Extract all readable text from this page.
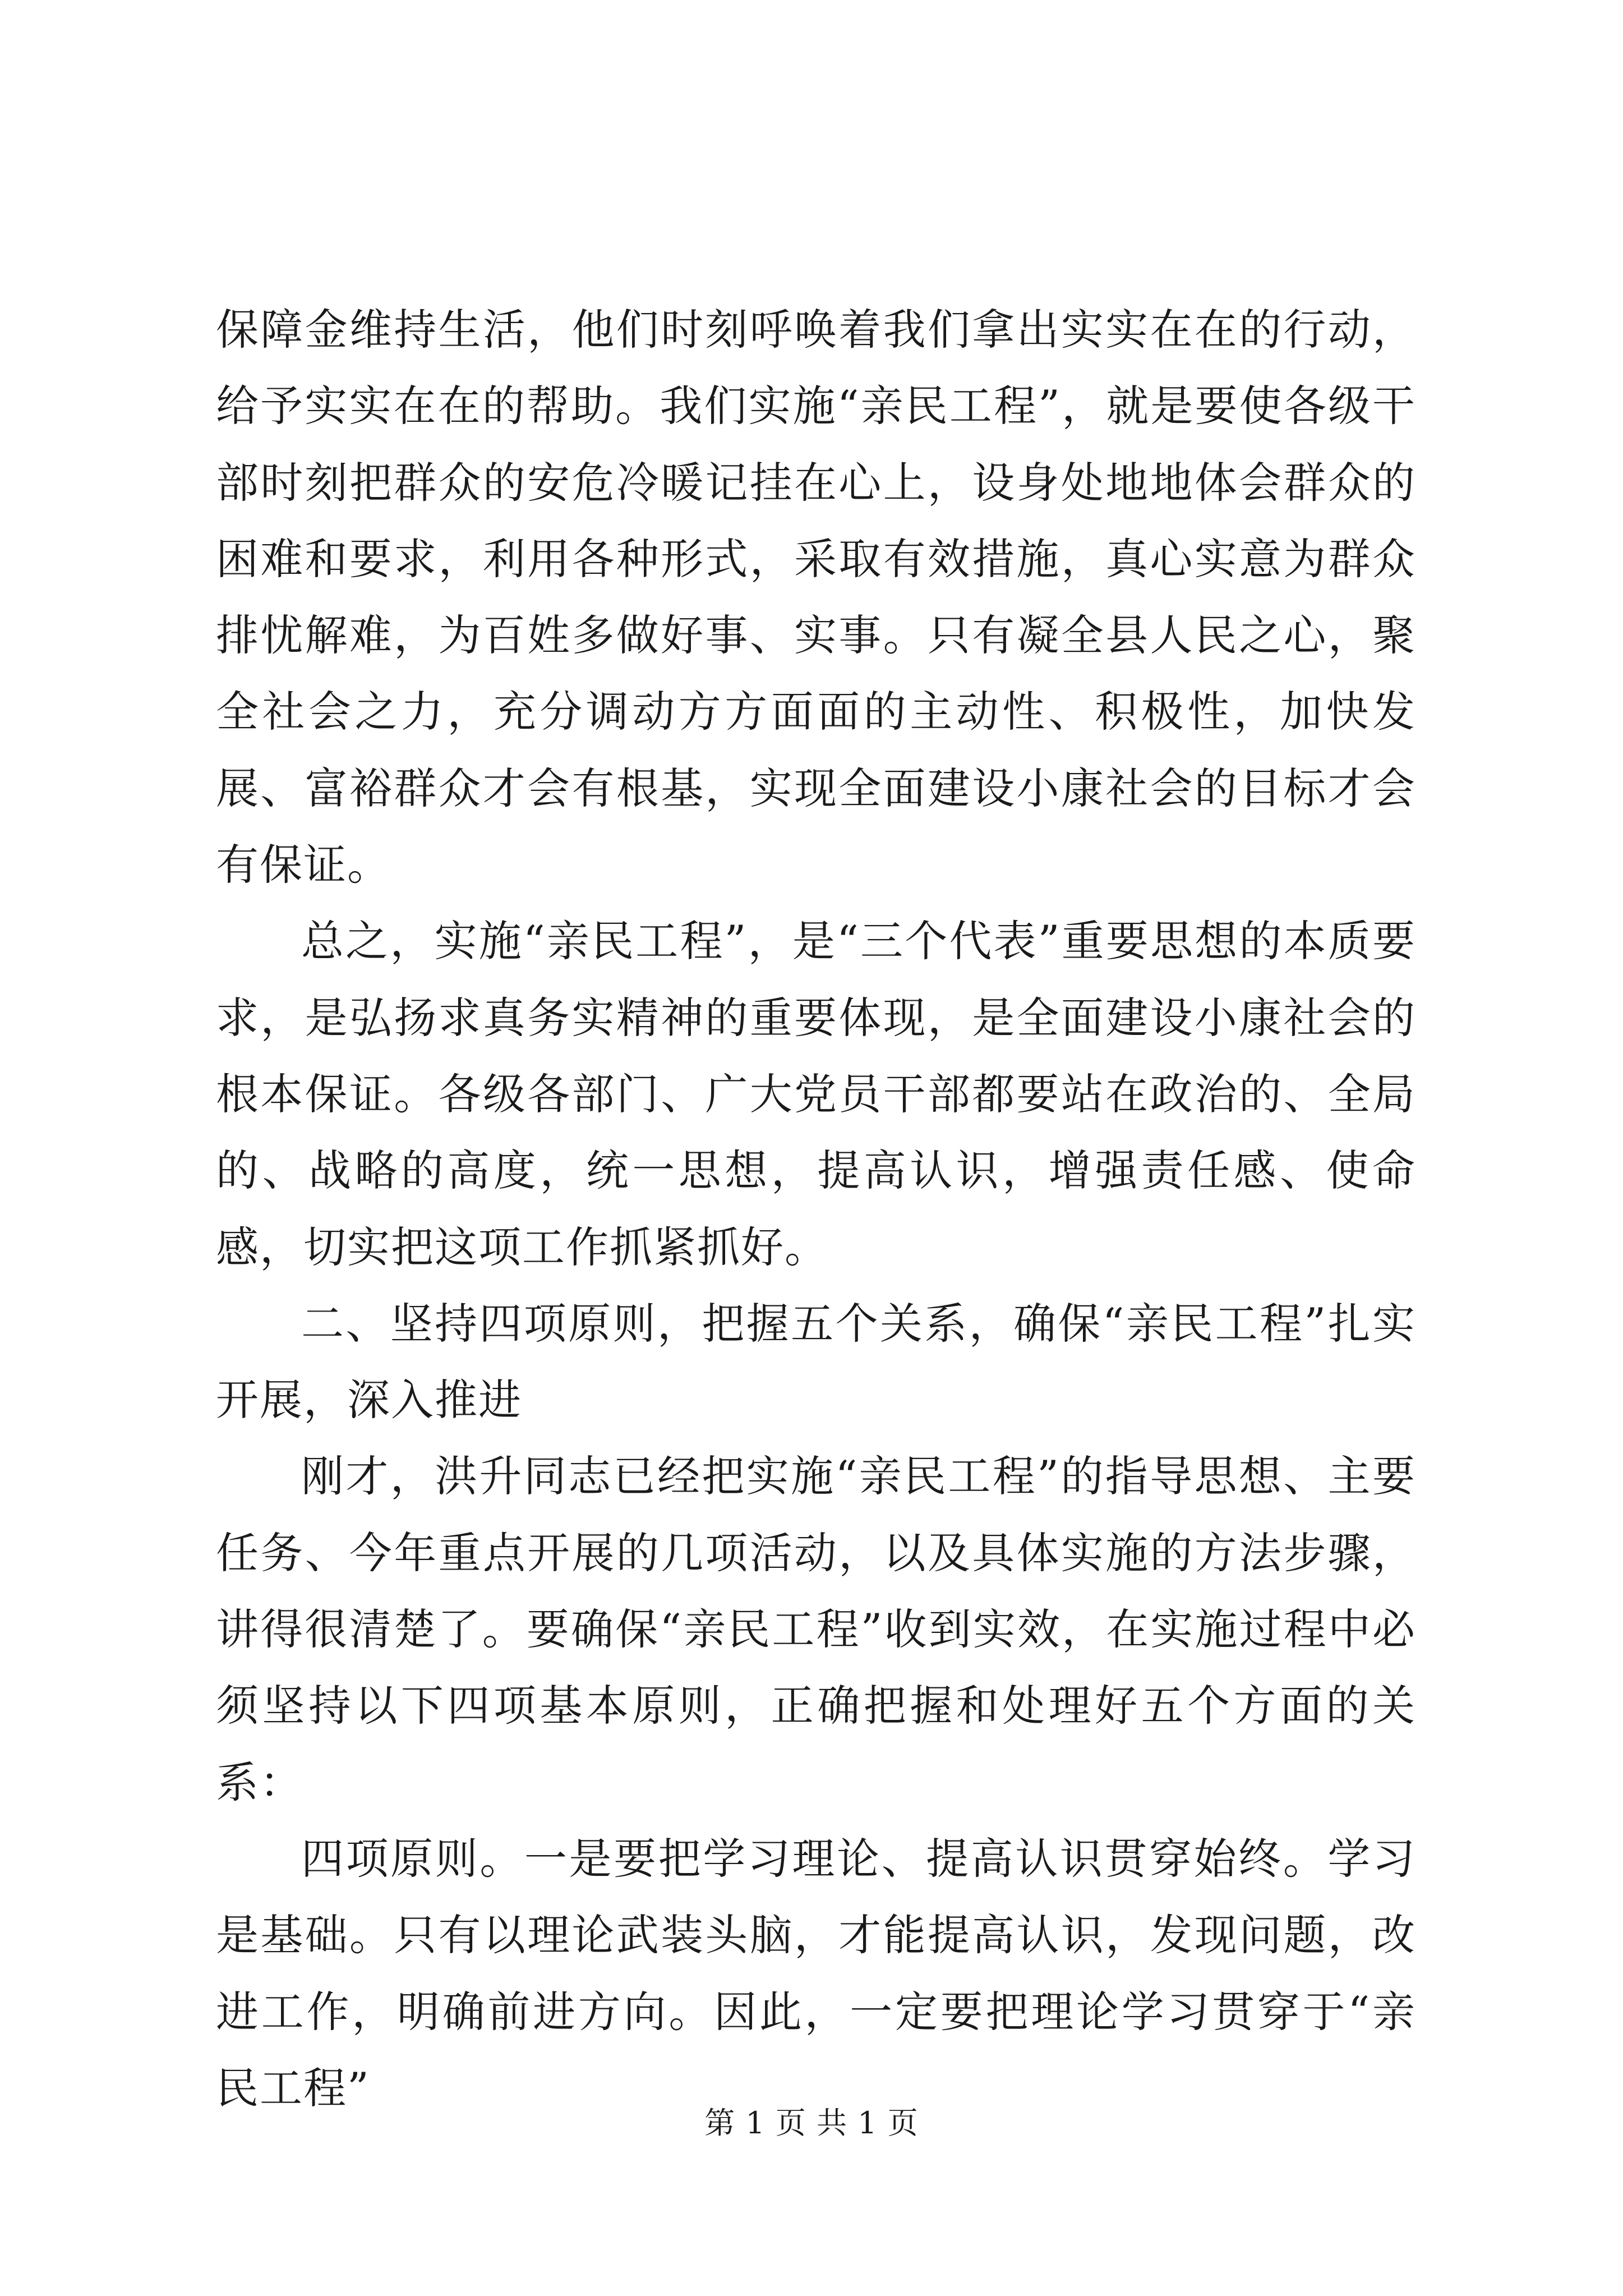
保障金维持生活，他们时刻呼唤着我们拿出实实在在的行动，给予实实在在的帮助。我们实施“亲民工程”，就是要使各级干部时刻把群众的安危冷暖记挂在心上，设身处地地体会群众的困难和要求，利用各种形式，采取有效措施，真心实意为群众排忧解难，为百姓多做好事、实事。只有凝全县人民之心，聚全社会之力，充分调动方方面面的主动性、积极性，加快发展、富裕群众才会有根基，实现全面建设小康社会的目标才会有保证。

总之，实施“亲民工程”，是“三个代表”重要思想的本质要求，是弘扬求真务实精神的重要体现，是全面建设小康社会的根本保证。各级各部门、广大党员干部都要站在政治的、全局的、战略的高度，统一思想，提高认识，增强责任感、使命感，切实把这项工作抓紧抓好。

二、坚持四项原则，把握五个关系，确保“亲民工程”扎实开展，深入推进

刚才，洪升同志已经把实施“亲民工程”的指导思想、主要任务、今年重点开展的几项活动，以及具体实施的方法步骤，讲得很清楚了。要确保“亲民工程”收到实效，在实施过程中必须坚持以下四项基本原则，正确把握和处理好五个方面的关系：

四项原则。一是要把学习理论、提高认识贯穿始终。学习是基础。只有以理论武装头脑，才能提高认识，发现问题，改进工作，明确前进方向。因此，一定要把理论学习贯穿于“亲民工程”

第 1 页 共 1 页
